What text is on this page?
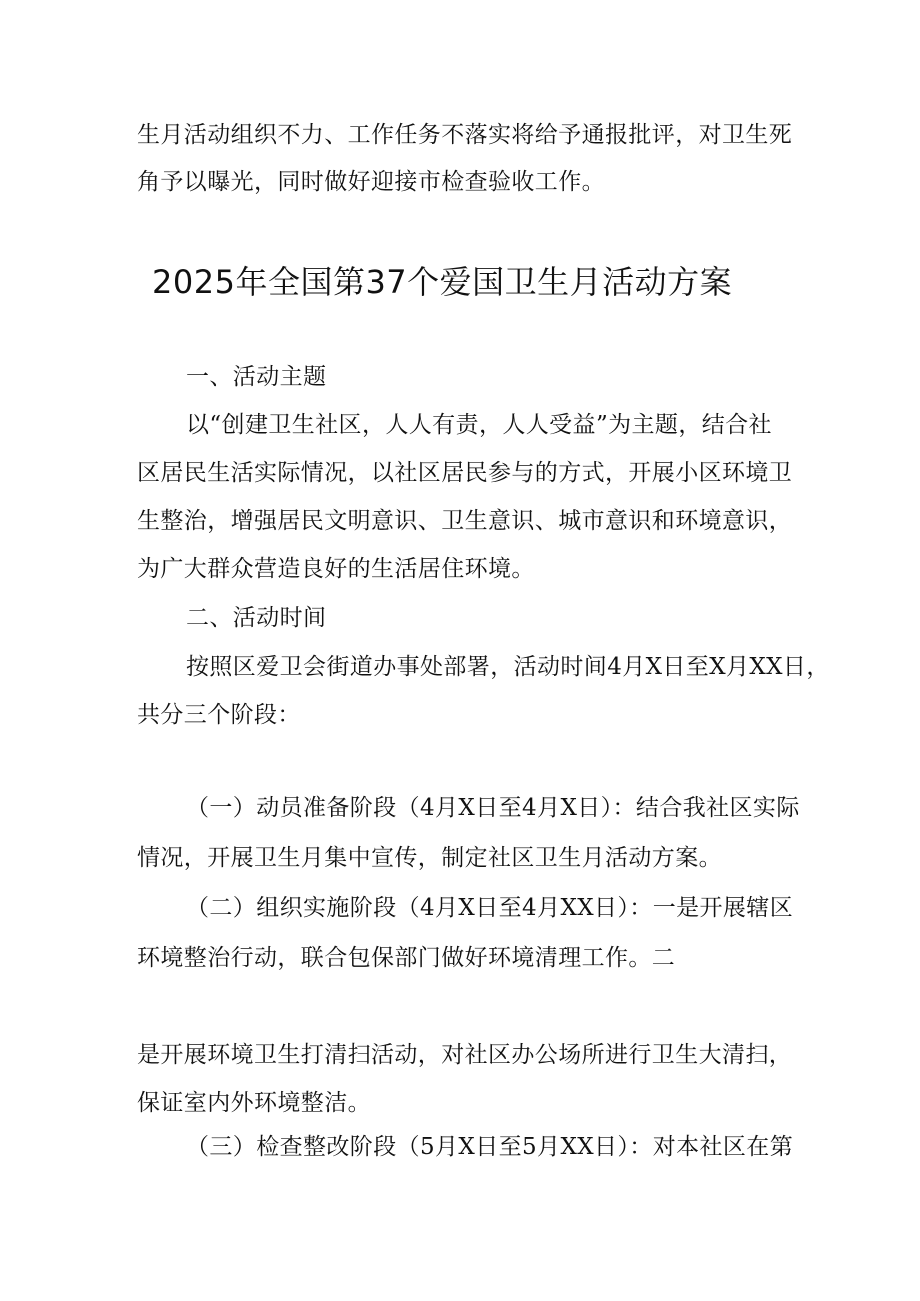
生月活动组织不力、工作任务不落实将给予通报批评，对卫生死
角予以曝光，同时做好迎接市检查验收工作。
2025年全国第37个爱国卫生月活动方案
一、活动主题
以“创建卫生社区，人人有责，人人受益”为主题，结合社
区居民生活实际情况，以社区居民参与的方式，开展小区环境卫
生整治，增强居民文明意识、卫生意识、城市意识和环境意识，
为广大群众营造良好的生活居住环境。
二、活动时间
按照区爱卫会街道办事处部署，活动时间4月X日至X月XX日，
共分三个阶段：
（一）动员准备阶段（4月X日至4月X日）：结合我社区实际
情况，开展卫生月集中宣传，制定社区卫生月活动方案。
（二）组织实施阶段（4月X日至4月XX日）：一是开展辖区
环境整治行动，联合包保部门做好环境清理工作。二
是开展环境卫生打清扫活动，对社区办公场所进行卫生大清扫，
保证室内外环境整洁。
（三）检查整改阶段（5月X日至5月XX日）：对本社区在第
